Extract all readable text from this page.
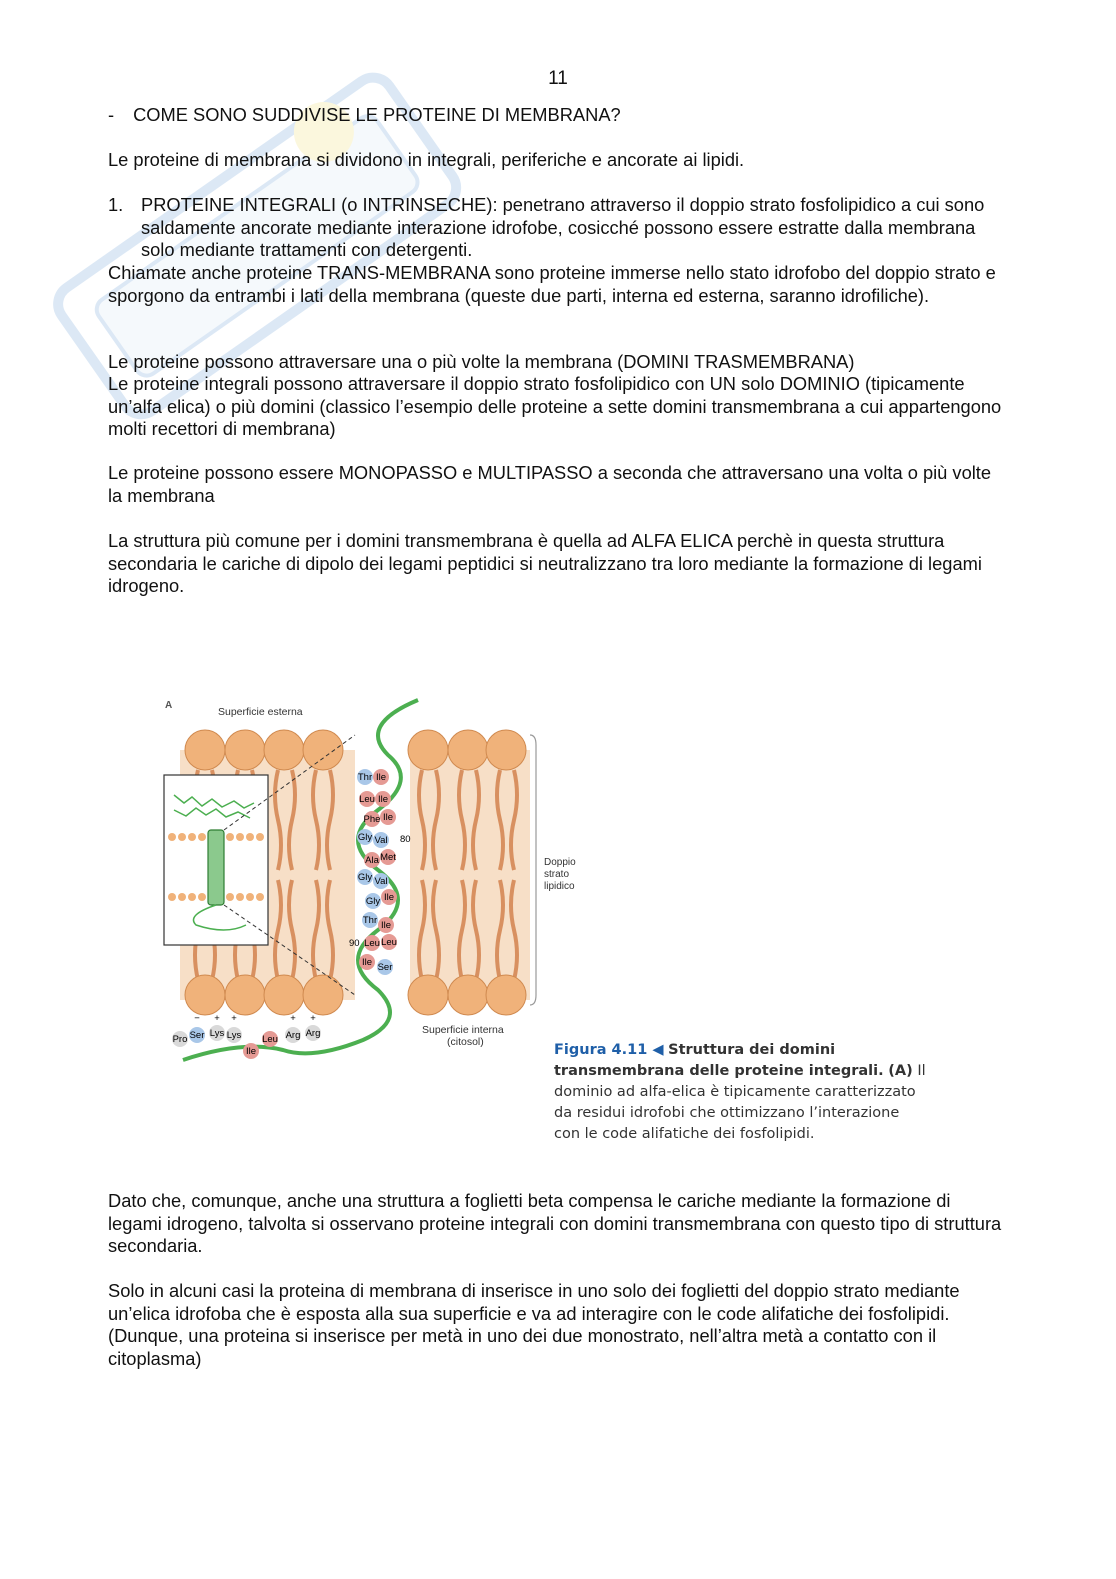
11
- COME SONO SUDDIVISE LE PROTEINE DI MEMBRANA?

Le proteine di membrana si dividono in integrali, periferiche e ancorate ai lipidi.

1. PROTEINE INTEGRALI (o INTRINSECHE): penetrano attraverso il doppio strato fosfolipidico a cui sono saldamente ancorate mediante interazione idrofobe, cosicché possono essere estratte dalla membrana solo mediante trattamenti con detergenti.

Chiamate anche proteine TRANS-MEMBRANA sono proteine immerse nello stato idrofobo del doppio strato e sporgono da entrambi i lati della membrana (queste due parti, interna ed esterna, saranno idrofiliche).

Le proteine possono attraversare una o più volte la membrana (DOMINI TRASMEMBRANA)

Le proteine integrali possono attraversare il doppio strato fosfolipidico con UN solo DOMINIO (tipicamente un’alfa elica) o più domini (classico l’esempio delle proteine a sette domini transmembrana a cui appartengono molti recettori di membrana)

Le proteine possono essere MONOPASSO e MULTIPASSO a seconda che attraversano una volta o più volte la membrana

La struttura più comune per i domini transmembrana è quella ad ALFA ELICA perchè in questa struttura secondaria le cariche di dipolo dei legami peptidici si neutralizzano tra loro mediante la formazione di legami idrogeno.

Thr Ile
Leu Ile
Phe Ile
Gly Val
Ala Met
Gly Val
Gly Ile
Thr Ile
Leu Leu
Ile Ser
80
90
Pro Ser Lys Lys
Ile
Leu Arg Arg
− + +	+ +
A
Superficie esterna
Superficie interna
(citosol)
Doppio
strato
lipidico
Figura 4.11 ◀ Struttura dei domini transmembrana delle proteine integrali. (A) Il dominio ad alfa-elica è tipicamente caratterizzato da residui idrofobi che ottimizzano l’interazione con le code alifatiche dei fosfolipidi.

Dato che, comunque, anche una struttura a foglietti beta compensa le cariche mediante la formazione di legami idrogeno, talvolta si osservano proteine integrali con domini transmembrana con questo tipo di struttura secondaria.

Solo in alcuni casi la proteina di membrana di inserisce in uno solo dei foglietti del doppio strato mediante un’elica idrofoba che è esposta alla sua superficie e va ad interagire con le code alifatiche dei fosfolipidi. (Dunque, una proteina si inserisce per metà in uno dei due monostrato, nell’altra metà a contatto con il citoplasma)
